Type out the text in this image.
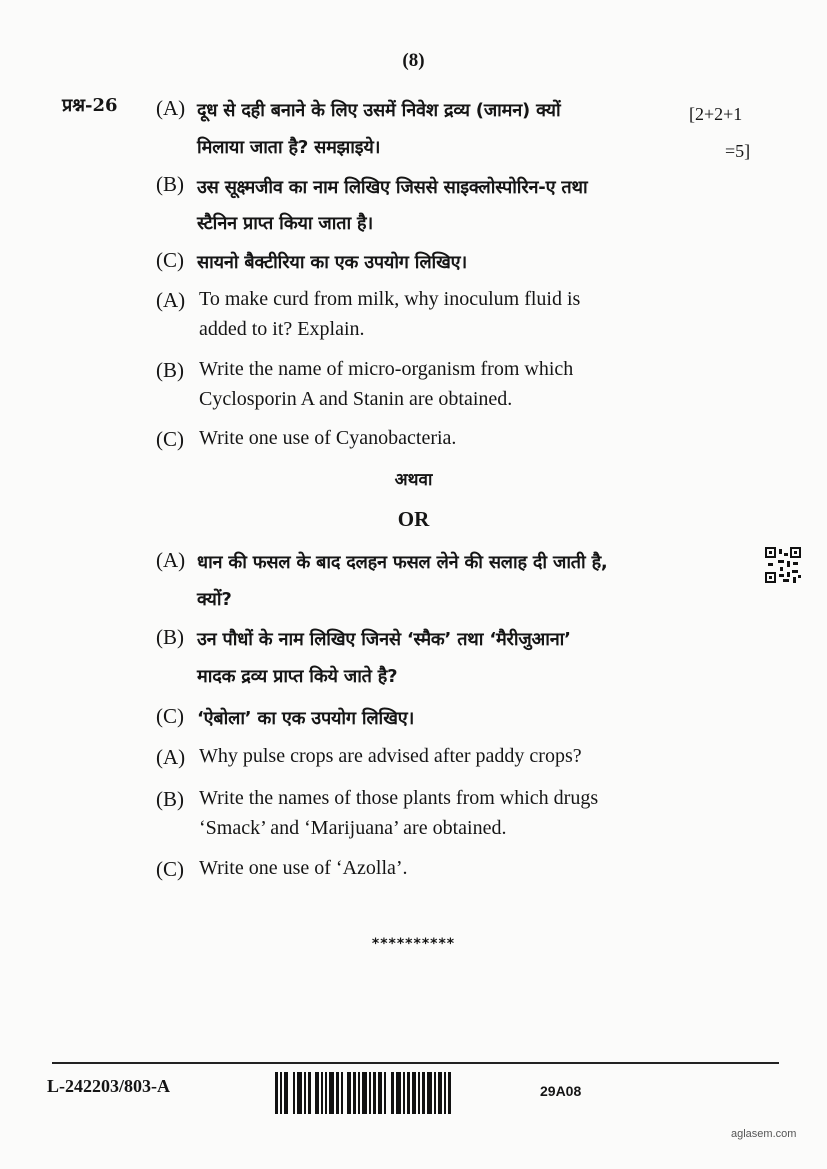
(8)
प्रश्न-26	[2+2+1
=5]
(A) दूध से दही बनाने के लिए उसमें निवेश द्रव्य (जामन) क्यों
मिलाया जाता है? समझाइये।
(B) उस सूक्ष्मजीव का नाम लिखिए जिससे साइक्लोस्पोरिन-ए तथा
स्टैनिन प्राप्त किया जाता है।
(C) सायनो बैक्टीरिया का एक उपयोग लिखिए।
(A) To make curd from milk, why inoculum fluid is
added to it? Explain.
(B) Write the name of micro-organism from which
Cyclosporin A and Stanin are obtained.
(C) Write one use of Cyanobacteria.
अथवा
OR
(A) धान की फसल के बाद दलहन फसल लेने की सलाह दी जाती है,
क्यों?
(B) उन पौधों के नाम लिखिए जिनसे ‘स्मैक’ तथा ‘मैरीजुआना’
मादक द्रव्य प्राप्त किये जाते है?
(C) ‘ऐबोला’ का एक उपयोग लिखिए।
(A) Why pulse crops are advised after paddy crops?
(B) Write the names of those plants from which drugs
‘Smack’ and ‘Marijuana’ are obtained.
(C) Write one use of ‘Azolla’.
**********
L-242203/803-A	29A08
aglasem.com
